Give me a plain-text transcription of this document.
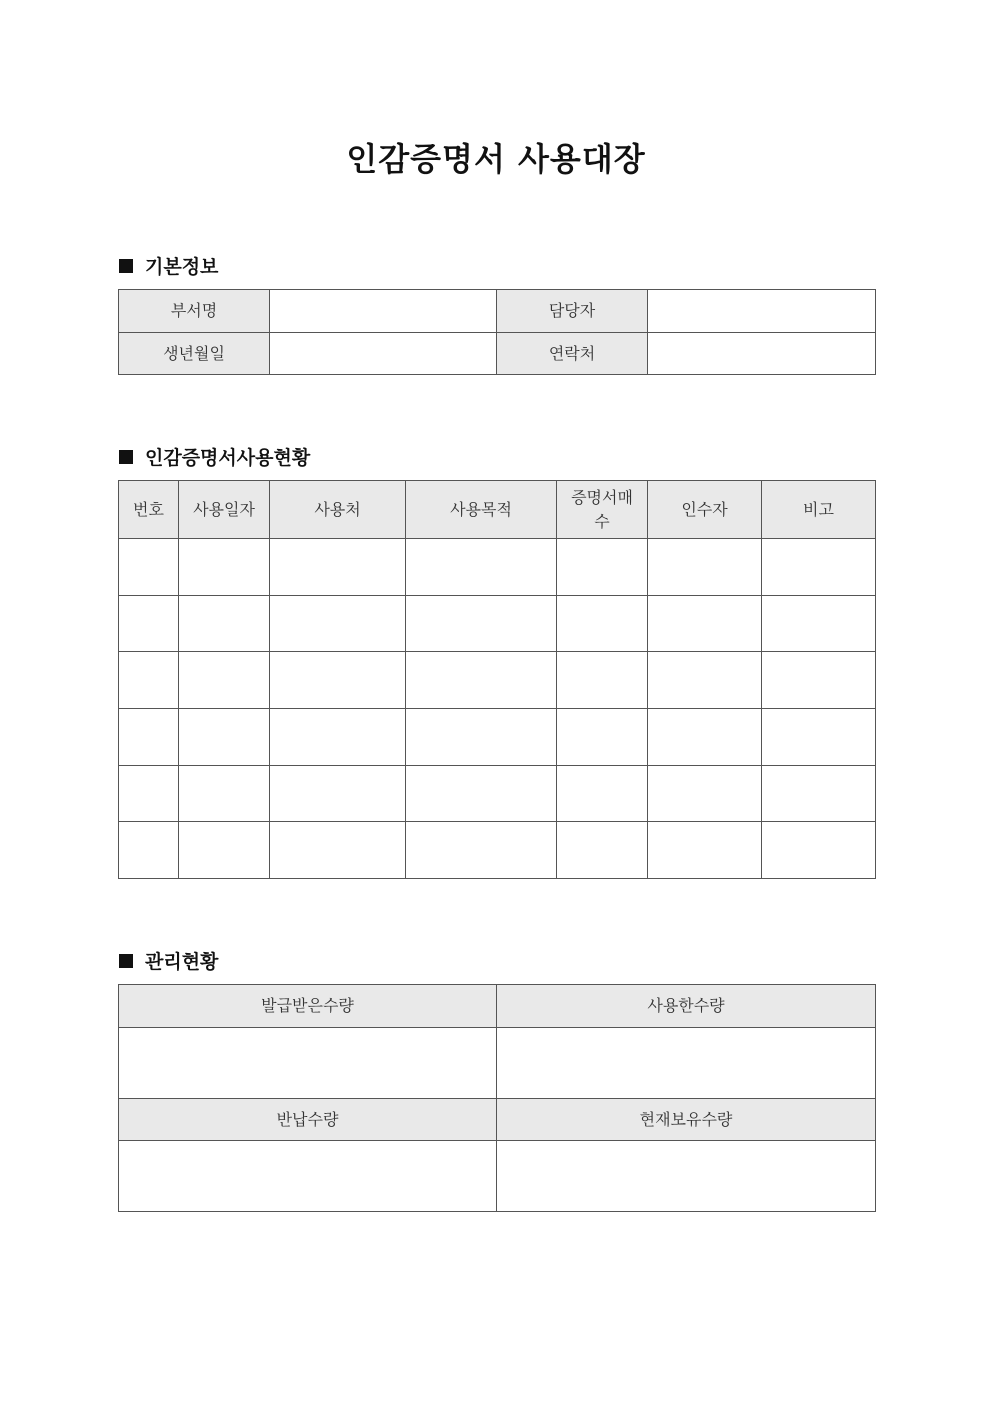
인감증명서 사용대장
기본정보
부서명		담당자	
생년월일		연락처	
인감증명서사용현황
번호	사용일자	사용처	사용목적	증명서매수	인수자	비고

관리현황
발급받은수량	사용한수량

반납수량	현재보유수량
